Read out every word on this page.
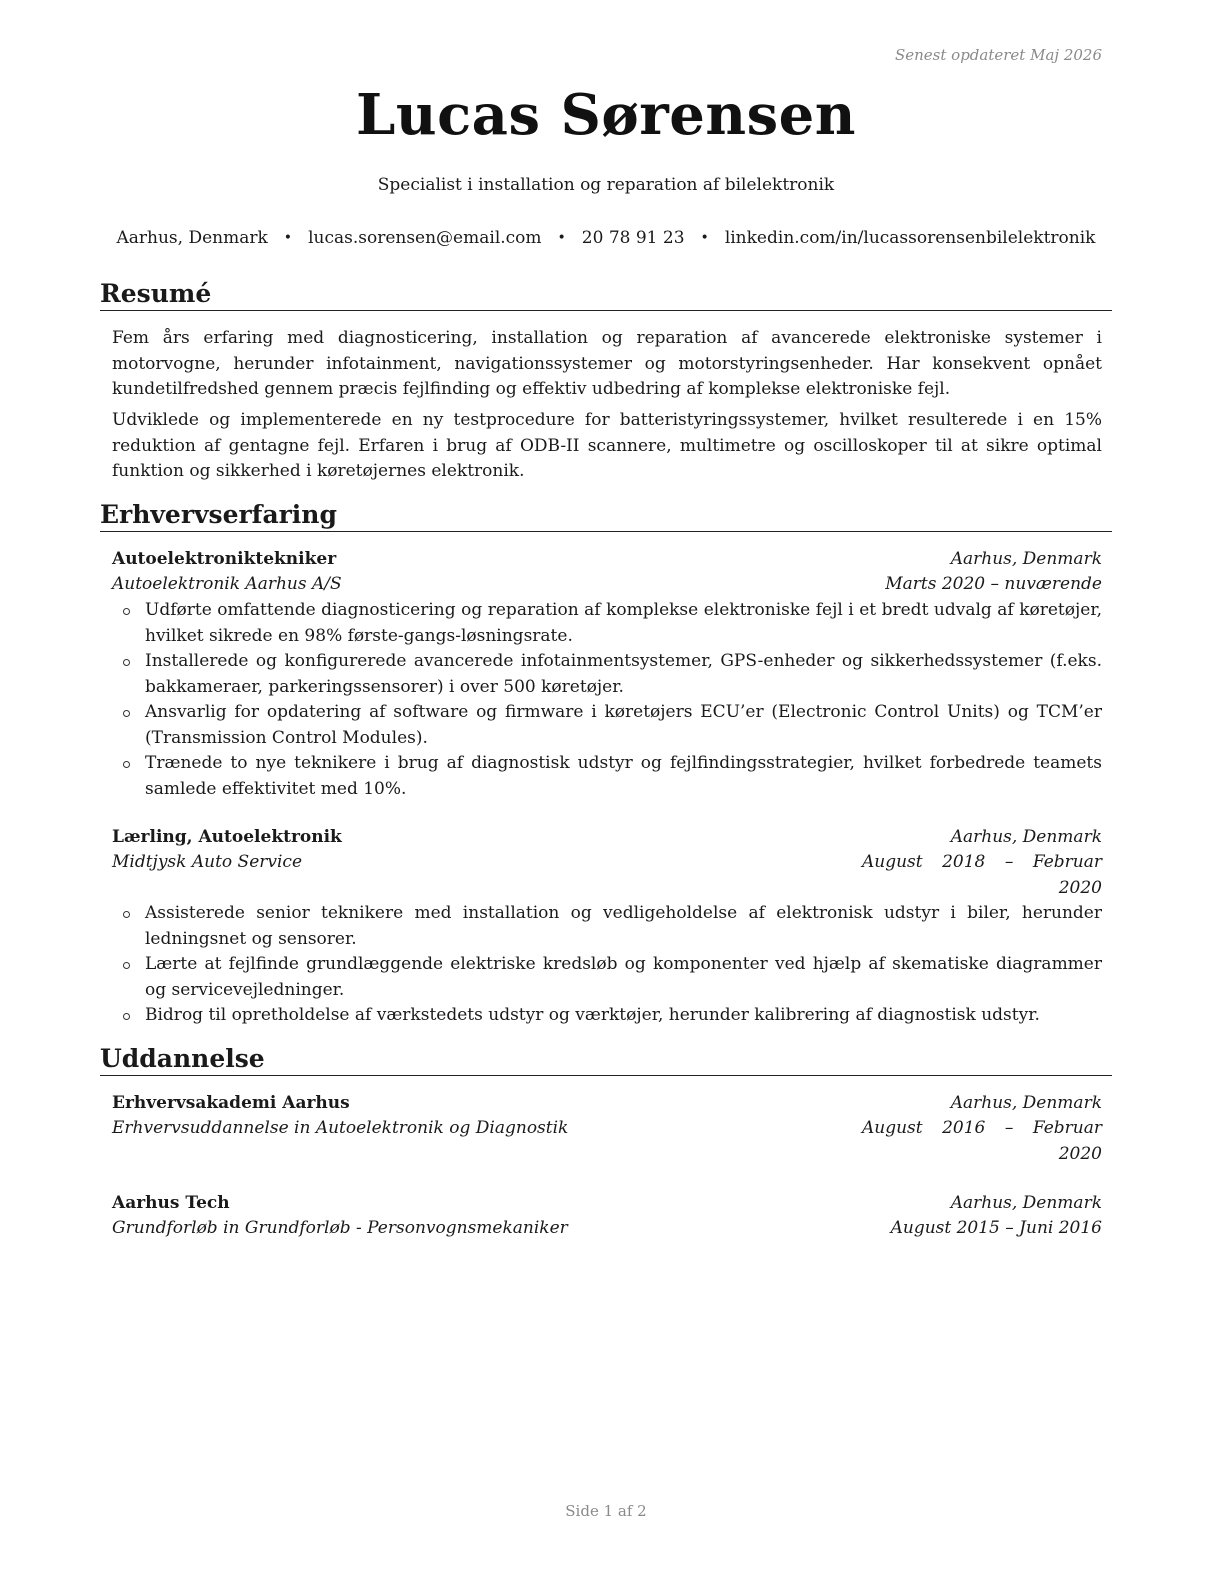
Senest opdateret Maj 2026
Lucas Sørensen
Specialist i installation og reparation af bilelektronik
Aarhus, Denmark • lucas.sorensen@email.com • 20 78 91 23 • linkedin.com/in/lucassorensenbilelektronik
Resumé

Fem års erfaring med diagnosticering, installation og reparation af avancerede elektroniske systemer i motorvogne, herunder infotainment, navigationssystemer og motorstyringsenheder. Har konsekvent opnået kundetilfredshed gennem præcis fejlfinding og effektiv udbedring af komplekse elektroniske fejl.

Udviklede og implementerede en ny testprocedure for batteristyringssystemer, hvilket resulterede i en 15% reduktion af gentagne fejl. Erfaren i brug af ODB-II scannere, multimetre og oscilloskoper til at sikre optimal funktion og sikkerhed i køretøjernes elektronik.

Erhvervserfaring
Autoelektroniktekniker	Aarhus, Denmark
Autoelektronik Aarhus A/S	Marts 2020 – nuværende
Udførte omfattende diagnosticering og reparation af komplekse elektroniske fejl i et bredt udvalg af køretøjer, hvilket sikrede en 98% første-gangs-løsningsrate.
Installerede og konfigurerede avancerede infotainmentsystemer, GPS-enheder og sikkerhedssystemer (f.eks. bakkameraer, parkeringssensorer) i over 500 køretøjer.
Ansvarlig for opdatering af software og firmware i køretøjers ECU’er (Electronic Control Units) og TCM’er (Transmission Control Modules).
Trænede to nye teknikere i brug af diagnostisk udstyr og fejlfindingsstrategier, hvilket forbedrede teamets samlede effektivitet med 10%.
Lærling, Autoelektronik	Aarhus, Denmark
Midtjysk Auto Service	August 2018 – Februar 2020
Assisterede senior teknikere med installation og vedligeholdelse af elektronisk udstyr i biler, herunder ledningsnet og sensorer.
Lærte at fejlfinde grundlæggende elektriske kredsløb og komponenter ved hjælp af skematiske diagrammer og servicevejledninger.
Bidrog til opretholdelse af værkstedets udstyr og værktøjer, herunder kalibrering af diagnostisk udstyr.
Uddannelse
Erhvervsakademi Aarhus	Aarhus, Denmark
Erhvervsuddannelse in Autoelektronik og Diagnostik	August 2016 – Februar 2020
Aarhus Tech	Aarhus, Denmark
Grundforløb in Grundforløb - Personvognsmekaniker	August 2015 – Juni 2016
Side 1 af 2
